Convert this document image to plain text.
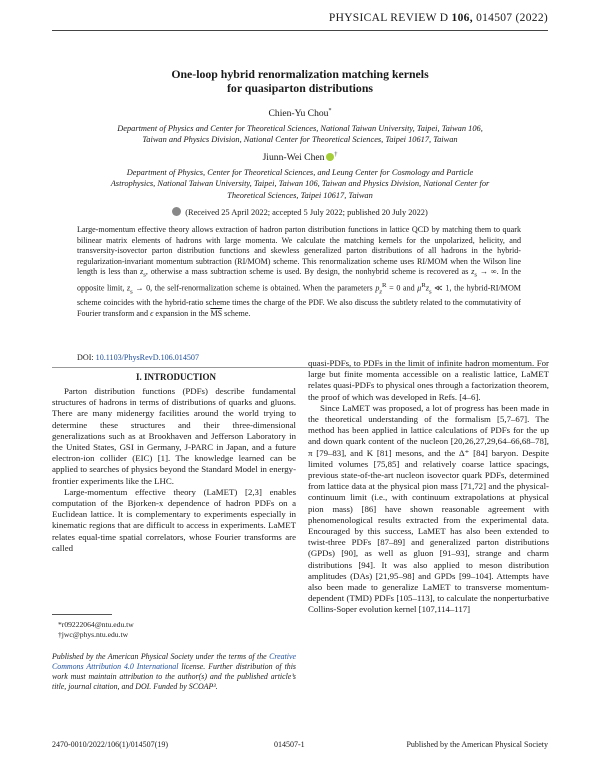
PHYSICAL REVIEW D 106, 014507 (2022)
One-loop hybrid renormalization matching kernels
for quasiparton distributions
Chien-Yu Chou*
Department of Physics and Center for Theoretical Sciences, National Taiwan University, Taipei, Taiwan 106, Taiwan and Physics Division, National Center for Theoretical Sciences, Taipei 10617, Taiwan
Jiunn-Wei Chen †
Department of Physics, Center for Theoretical Sciences, and Leung Center for Cosmology and Particle Astrophysics, National Taiwan University, Taipei, Taiwan 106, Taiwan and Physics Division, National Center for Theoretical Sciences, Taipei 10617, Taiwan
(Received 25 April 2022; accepted 5 July 2022; published 20 July 2022)
Large-momentum effective theory allows extraction of hadron parton distribution functions in lattice QCD by matching them to quark bilinear matrix elements of hadrons with large momenta. We calculate the matching kernels for the unpolarized, helicity, and transversity-isovector parton distribution functions and skewless generalized parton distributions of all hadrons in the hybrid-regularization-invariant momentum subtraction (RI/MOM) scheme. This renormalization scheme uses RI/MOM when the Wilson line length is less than $z_s$, otherwise a mass subtraction scheme is used. By design, the nonhybrid scheme is recovered as $z_s$ → ∞. In the opposite limit, $z_s \to 0$, the self-renormalization scheme is obtained. When the parameters $p_z^R = 0$ and $\mu^Rz_s$ ≪ 1, the hybrid-RI/MOM scheme coincides with the hybrid-ratio scheme times the charge of the PDF. We also discuss the subtlety related to the commutativity of Fourier transform and ϵ expansion in the $\overline{MS}$ scheme.
DOI: 10.1103/PhysRevD.106.014507
I. INTRODUCTION

Parton distribution functions (PDFs) describe fundamental structures of hadrons in terms of distributions of quarks and gluons. There are many midenergy facilities around the world trying to determine these structures and their three-dimensional generalizations such as at Brookhaven and Jefferson Laboratory in the United States, GSI in Germany, J-PARC in Japan, and a future electron-ion collider (EIC) [1]. The knowledge learned can be applied to searches of physics beyond the Standard Model in energy-frontier experiments like the LHC.

Large-momentum effective theory (LaMET) [2,3] enables computation of the Bjorken-x dependence of hadron PDFs on a Euclidean lattice. It is complementary to experiments especially in kinematic regions that are difficult to access in experiments. LaMET relates equal-time spatial correlators, whose Fourier transforms are called

*r09222064@ntu.edu.tw
†jwc@phys.ntu.edu.tw
Published by the American Physical Society under the terms of the Creative Commons Attribution 4.0 International license. Further distribution of this work must maintain attribution to the author(s) and the published article’s title, journal citation, and DOI. Funded by SCOAP³.

quasi-PDFs, to PDFs in the limit of infinite hadron momentum. For large but finite momenta accessible on a realistic lattice, LaMET relates quasi-PDFs to physical ones through a factorization theorem, the proof of which was developed in Refs. [4–6].

Since LaMET was proposed, a lot of progress has been made in the theoretical understanding of the formalism [5,7–67]. The method has been applied in lattice calculations of PDFs for the up and down quark content of the nucleon [20,26,27,29,64–66,68–78], π [79–83], and K [81] mesons, and the Δ⁺ [84] baryon. Despite limited volumes [75,85] and relatively coarse lattice spacings, previous state-of-the-art nucleon isovector quark PDFs, determined from lattice data at the physical pion mass [71,72] and the physical-continuum limit (i.e., with continuum extrapolations at physical pion mass) [86] have shown reasonable agreement with phenomenological results extracted from the experimental data. Encouraged by this success, LaMET has also been extended to twist-three PDFs [87–89] and generalized parton distributions (GPDs) [90], as well as gluon [91–93], strange and charm distributions [94]. It was also applied to meson distribution amplitudes (DAs) [21,95–98] and GPDs [99–104]. Attempts have also been made to generalize LaMET to transverse momentum-dependent (TMD) PDFs [105–113], to calculate the nonperturbative Collins-Soper evolution kernel [107,114–117]

2470-0010/2022/106(1)/014507(19)	014507-1	Published by the American Physical Society
